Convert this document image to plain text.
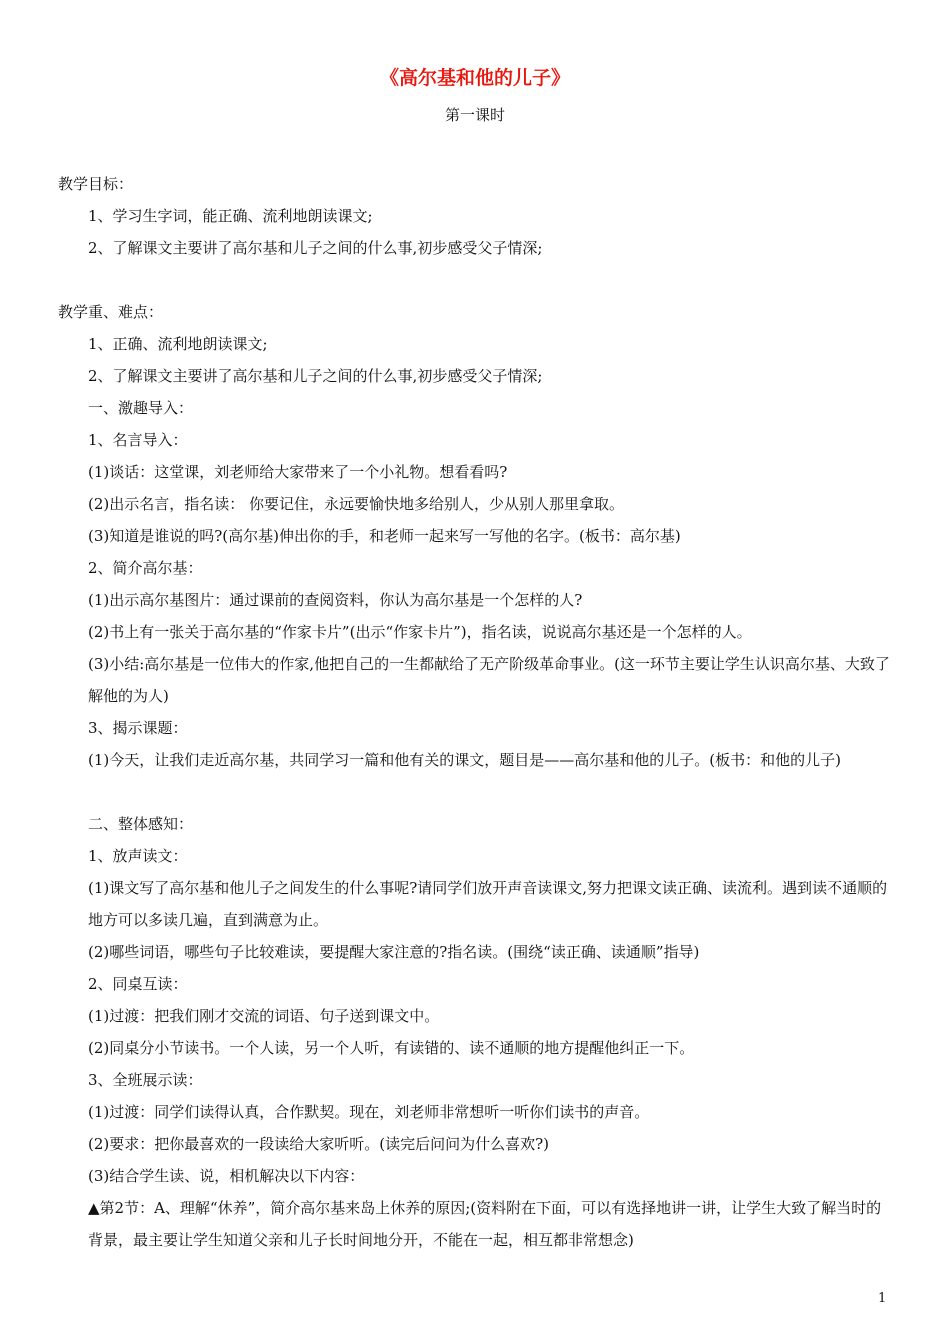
《高尔基和他的儿子》
第一课时

教学目标：

1、学习生字词，能正确、流利地朗读课文;

2、了解课文主要讲了高尔基和儿子之间的什么事,初步感受父子情深;

教学重、难点：

1、正确、流利地朗读课文;

2、了解课文主要讲了高尔基和儿子之间的什么事,初步感受父子情深;

一、激趣导入：

1、名言导入：

(1)谈话：这堂课，刘老师给大家带来了一个小礼物。想看看吗?

(2)出示名言，指名读： 你要记住，永远要愉快地多给别人，少从别人那里拿取。

(3)知道是谁说的吗?(高尔基)伸出你的手，和老师一起来写一写他的名字。(板书：高尔基)

2、简介高尔基：

(1)出示高尔基图片：通过课前的查阅资料，你认为高尔基是一个怎样的人?

(2)书上有一张关于高尔基的“作家卡片”(出示“作家卡片”)，指名读，说说高尔基还是一个怎样的人。

(3)小结:高尔基是一位伟大的作家,他把自己的一生都献给了无产阶级革命事业。(这一环节主要让学生认识高尔基、大致了解他的为人)

3、揭示课题：

(1)今天，让我们走近高尔基，共同学习一篇和他有关的课文，题目是——高尔基和他的儿子。(板书：和他的儿子)

二、整体感知：

1、放声读文：

(1)课文写了高尔基和他儿子之间发生的什么事呢?请同学们放开声音读课文,努力把课文读正确、读流利。遇到读不通顺的地方可以多读几遍，直到满意为止。

(2)哪些词语，哪些句子比较难读，要提醒大家注意的?指名读。(围绕“读正确、读通顺”指导)

2、同桌互读：

(1)过渡：把我们刚才交流的词语、句子送到课文中。

(2)同桌分小节读书。一个人读，另一个人听，有读错的、读不通顺的地方提醒他纠正一下。

3、全班展示读：

(1)过渡：同学们读得认真，合作默契。现在，刘老师非常想听一听你们读书的声音。

(2)要求：把你最喜欢的一段读给大家听听。(读完后问问为什么喜欢?)

(3)结合学生读、说，相机解决以下内容：

▲第2节：A、理解“休养”，简介高尔基来岛上休养的原因;(资料附在下面，可以有选择地讲一讲，让学生大致了解当时的背景，最主要让学生知道父亲和儿子长时间地分开，不能在一起，相互都非常想念)

1
